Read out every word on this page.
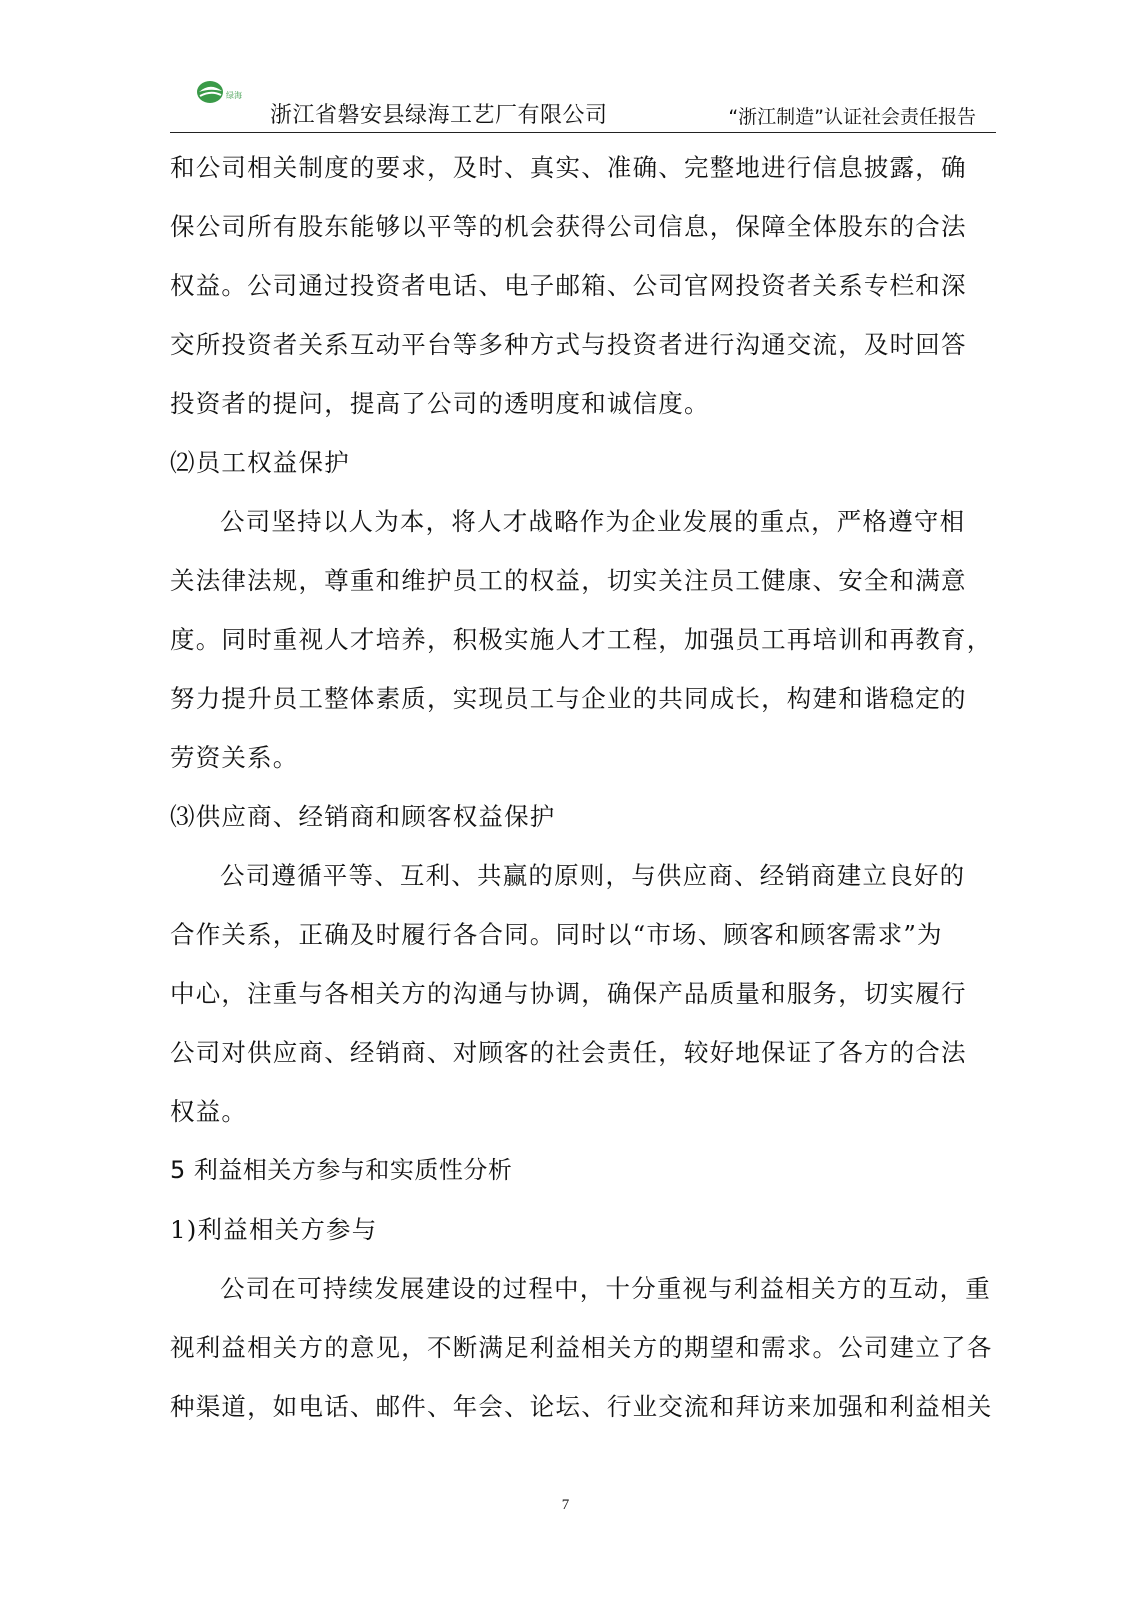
绿海
浙江省磐安县绿海工艺厂有限公司	“浙江制造”认证社会责任报告
和公司相关制度的要求，及时、真实、准确、完整地进行信息披露，确
保公司所有股东能够以平等的机会获得公司信息，保障全体股东的合法
权益。公司通过投资者电话、电子邮箱、公司官网投资者关系专栏和深
交所投资者关系互动平台等多种方式与投资者进行沟通交流，及时回答
投资者的提问，提高了公司的透明度和诚信度。
⑵员工权益保护
公司坚持以人为本，将人才战略作为企业发展的重点，严格遵守相
关法律法规，尊重和维护员工的权益，切实关注员工健康、安全和满意
度。同时重视人才培养，积极实施人才工程，加强员工再培训和再教育，
努力提升员工整体素质，实现员工与企业的共同成长，构建和谐稳定的
劳资关系。
⑶供应商、经销商和顾客权益保护
公司遵循平等、互利、共赢的原则，与供应商、经销商建立良好的
合作关系，正确及时履行各合同。同时以“市场、顾客和顾客需求”为
中心，注重与各相关方的沟通与协调，确保产品质量和服务，切实履行
公司对供应商、经销商、对顾客的社会责任，较好地保证了各方的合法
权益。
5 利益相关方参与和实质性分析
1)利益相关方参与
公司在可持续发展建设的过程中，十分重视与利益相关方的互动，重
视利益相关方的意见，不断满足利益相关方的期望和需求。公司建立了各
种渠道，如电话、邮件、年会、论坛、行业交流和拜访来加强和利益相关
7
